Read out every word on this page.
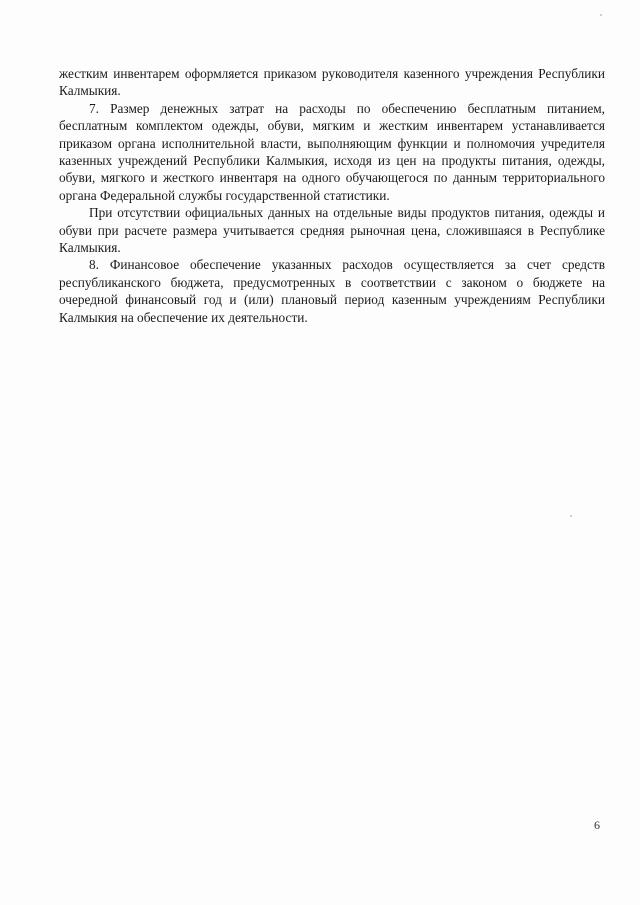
жестким инвентарем оформляется приказом руководителя казенного учреждения Республики Калмыкия.

7. Размер денежных затрат на расходы по обеспечению бесплатным питанием, бесплатным комплектом одежды, обуви, мягким и жестким инвентарем устанавливается приказом органа исполнительной власти, выполняющим функции и полномочия учредителя казенных учреждений Республики Калмыкия, исходя из цен на продукты питания, одежды, обуви, мягкого и жесткого инвентаря на одного обучающегося по данным территориального органа Федеральной службы государственной статистики.

При отсутствии официальных данных на отдельные виды продуктов питания, одежды и обуви при расчете размера учитывается средняя рыночная цена, сложившаяся в Республике Калмыкия.

8. Финансовое обеспечение указанных расходов осуществляется за счет средств республиканского бюджета, предусмотренных в соответствии с законом о бюджете на очередной финансовый год и (или) плановый период казенным учреждениям Республики Калмыкия на обеспечение их деятельности.

6
